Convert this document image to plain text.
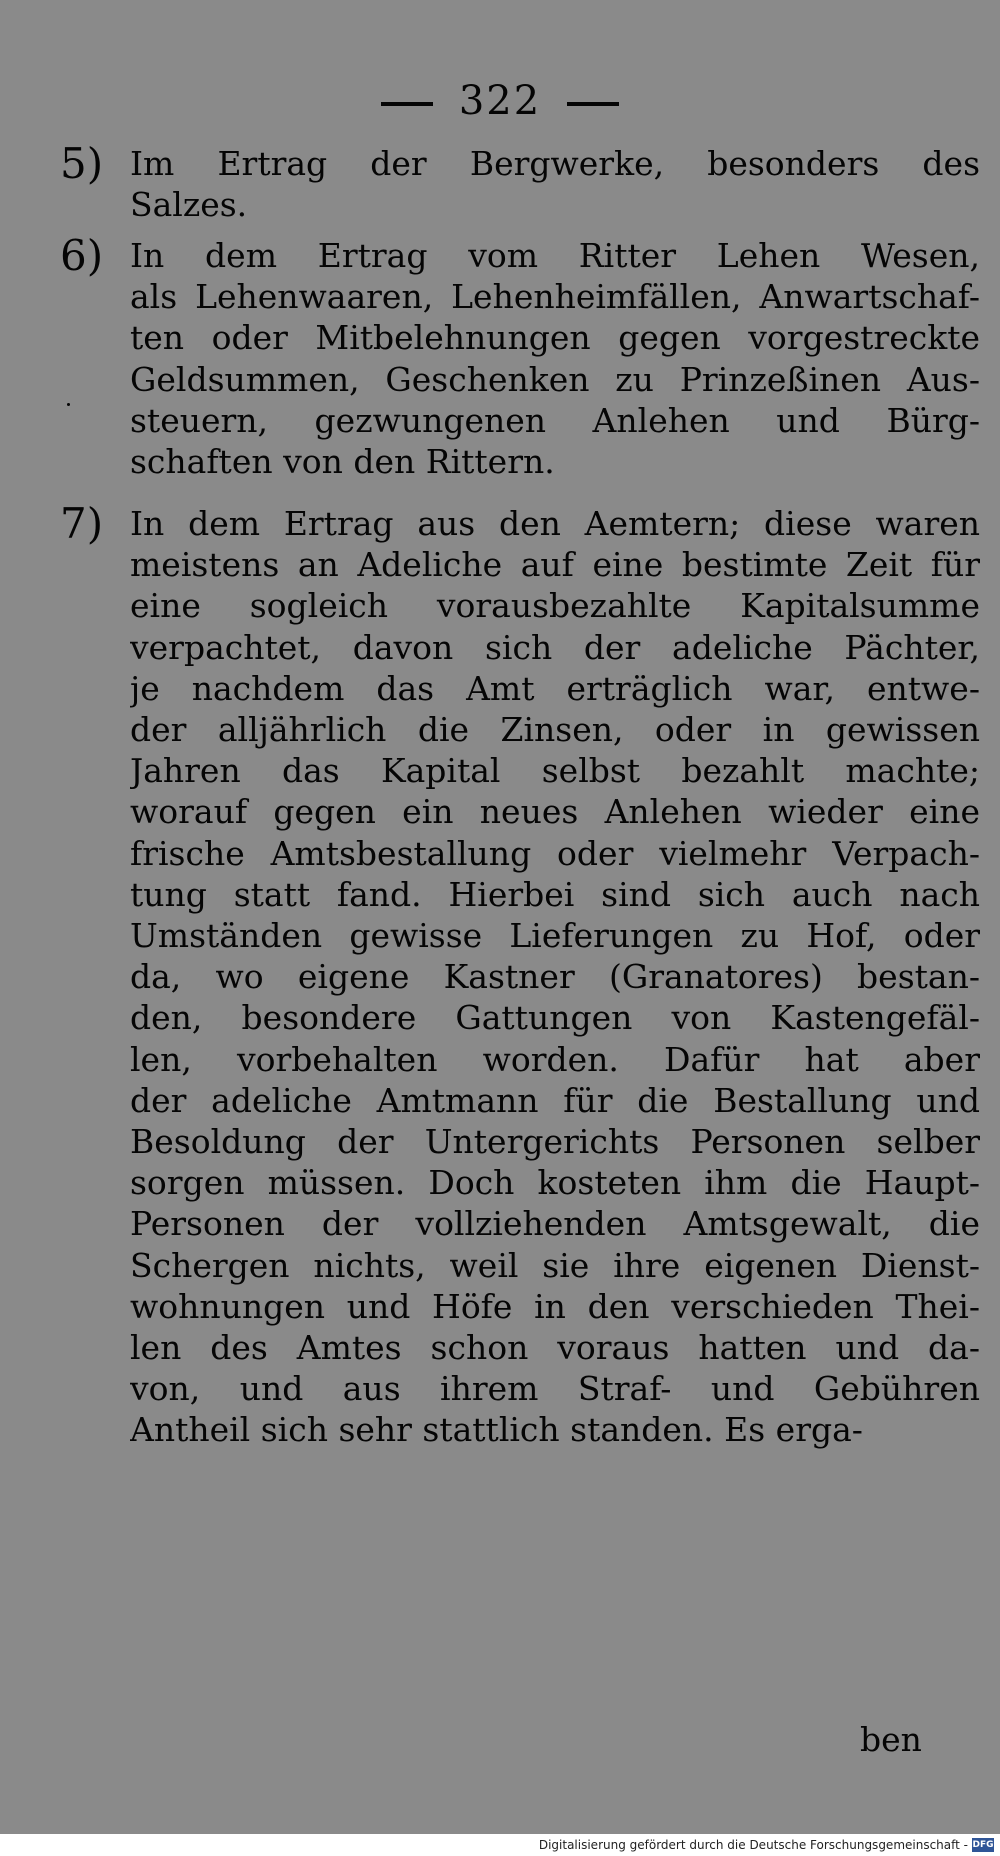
322
5) Im Ertrag der Bergwerke, besonders des
Salzes.
6) In dem Ertrag vom Ritter Lehen Wesen,
als Lehenwaaren, Lehenheimfällen, Anwartschaf-
ten oder Mitbelehnungen gegen vorgestreckte
Geldsummen, Geschenken zu Prinzeßinen Aus-
steuern, gezwungenen Anlehen und Bürg-
schaften von den Rittern.
7) In dem Ertrag aus den Aemtern; diese waren
meistens an Adeliche auf eine bestimte Zeit für
eine sogleich vorausbezahlte Kapitalsumme
verpachtet, davon sich der adeliche Pächter,
je nachdem das Amt erträglich war, entwe-
der alljährlich die Zinsen, oder in gewissen
Jahren das Kapital selbst bezahlt machte;
worauf gegen ein neues Anlehen wieder eine
frische Amtsbestallung oder vielmehr Verpach-
tung statt fand. Hierbei sind sich auch nach
Umständen gewisse Lieferungen zu Hof, oder
da, wo eigene Kastner (Granatores) bestan-
den, besondere Gattungen von Kastengefäl-
len, vorbehalten worden. Dafür hat aber
der adeliche Amtmann für die Bestallung und
Besoldung der Untergerichts Personen selber
sorgen müssen. Doch kosteten ihm die Haupt-
Personen der vollziehenden Amtsgewalt, die
Schergen nichts, weil sie ihre eigenen Dienst-
wohnungen und Höfe in den verschieden Thei-
len des Amtes schon voraus hatten und da-
von, und aus ihrem Straf- und Gebühren
Antheil sich sehr stattlich standen. Es erga-
ben
Digitalisierung gefördert durch die Deutsche Forschungsgemeinschaft - DFG
